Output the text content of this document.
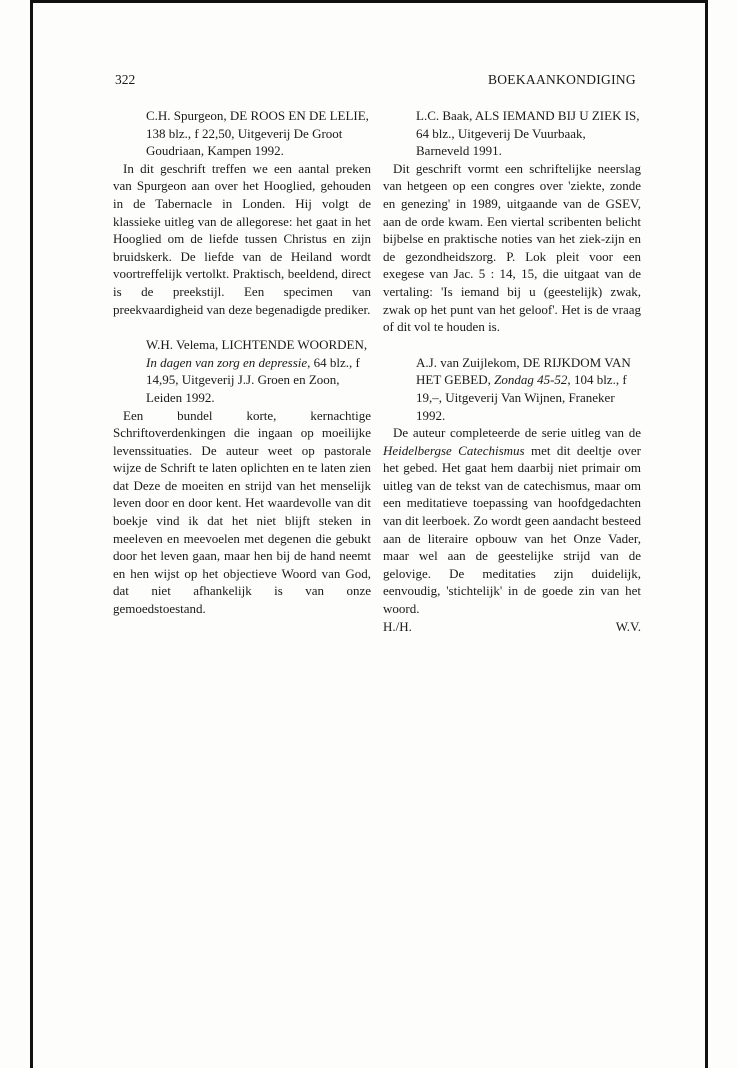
322	BOEKAANKONDIGING
C.H. Spurgeon, DE ROOS EN DE LELIE, 138 blz., f 22,50, Uitgeverij De Groot Goudriaan, Kampen 1992.

In dit geschrift treffen we een aantal preken van Spurgeon aan over het Hooglied, gehouden in de Tabernacle in Londen. Hij volgt de klassieke uitleg van de allegorese: het gaat in het Hooglied om de liefde tussen Christus en zijn bruidskerk. De liefde van de Heiland wordt voortreffelijk vertolkt. Praktisch, beeldend, direct is de preekstijl. Een specimen van preekvaardigheid van deze begenadigde prediker.

W.H. Velema, LICHTENDE WOORDEN, In dagen van zorg en depressie, 64 blz., f 14,95, Uitgeverij J.J. Groen en Zoon, Leiden 1992.

Een bundel korte, kernachtige Schriftoverdenkingen die ingaan op moeilijke levenssituaties. De auteur weet op pastorale wijze de Schrift te laten oplichten en te laten zien dat Deze de moeiten en strijd van het menselijk leven door en door kent. Het waardevolle van dit boekje vind ik dat het niet blijft steken in meeleven en meevoelen met degenen die gebukt door het leven gaan, maar hen bij de hand neemt en hen wijst op het objectieve Woord van God, dat niet afhankelijk is van onze gemoedstoestand.

L.C. Baak, ALS IEMAND BIJ U ZIEK IS, 64 blz., Uitgeverij De Vuurbaak, Barneveld 1991.

Dit geschrift vormt een schriftelijke neerslag van hetgeen op een congres over 'ziekte, zonde en genezing' in 1989, uitgaande van de GSEV, aan de orde kwam. Een viertal scribenten belicht bijbelse en praktische noties van het ziek-zijn en de gezondheidszorg. P. Lok pleit voor een exegese van Jac. 5 : 14, 15, die uitgaat van de vertaling: 'Is iemand bij u (geestelijk) zwak, zwak op het punt van het geloof'. Het is de vraag of dit vol te houden is.

A.J. van Zuijlekom, DE RIJKDOM VAN HET GEBED, Zondag 45-52, 104 blz., f 19,–, Uitgeverij Van Wijnen, Franeker 1992.

De auteur completeerde de serie uitleg van de Heidelbergse Catechismus met dit deeltje over het gebed. Het gaat hem daarbij niet primair om uitleg van de tekst van de catechismus, maar om een meditatieve toepassing van hoofdgedachten van dit leerboek. Zo wordt geen aandacht besteed aan de literaire opbouw van het Onze Vader, maar wel aan de geestelijke strijd van de gelovige. De meditaties zijn duidelijk, eenvoudig, 'stichtelijk' in de goede zin van het woord.

H./H.	W.V.
